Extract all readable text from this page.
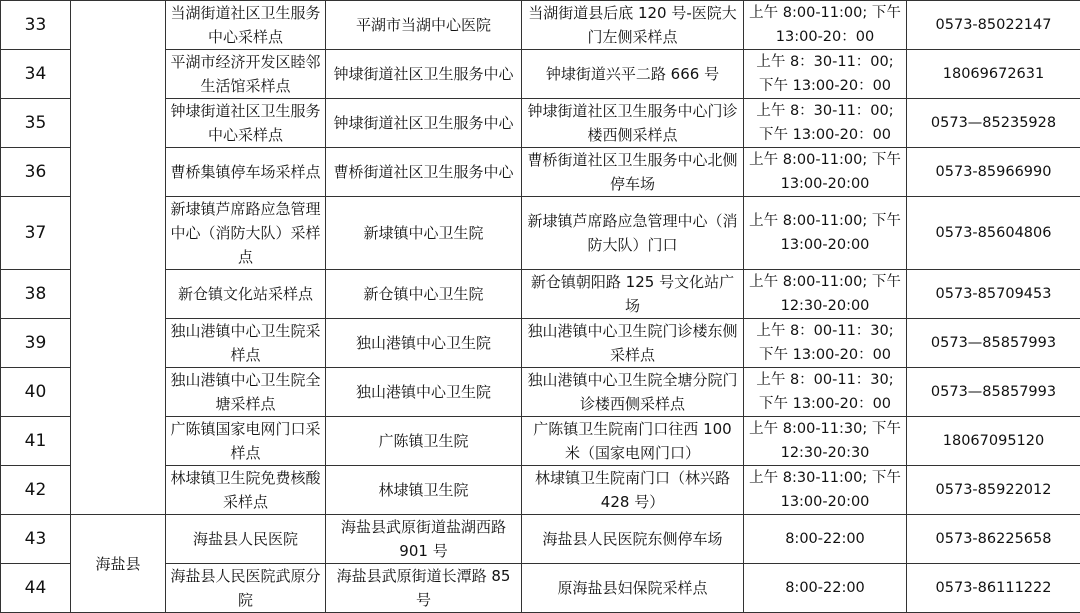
33		当湖街道社区卫生服务中心采样点	平湖市当湖中心医院	当湖街道县后底 120 号-医院大门左侧采样点	上午 8:00-11:00; 下午 13:00-20：00	0573-85022147
34		平湖市经济开发区睦邻生活馆采样点	钟埭街道社区卫生服务中心	钟埭街道兴平二路 666 号	上午 8：30-11：00; 下午 13:00-20：00	18069672631
35		钟埭街道社区卫生服务中心采样点	钟埭街道社区卫生服务中心	钟埭街道社区卫生服务中心门诊楼西侧采样点	上午 8：30-11：00; 下午 13:00-20：00	0573—85235928
36		曹桥集镇停车场采样点	曹桥街道社区卫生服务中心	曹桥街道社区卫生服务中心北侧停车场	上午 8:00-11:00; 下午 13:00-20:00	0573-85966990
37		新埭镇芦席路应急管理中心（消防大队）采样点	新埭镇中心卫生院	新埭镇芦席路应急管理中心（消防大队）门口	上午 8:00-11:00; 下午 13:00-20:00	0573-85604806
38		新仓镇文化站采样点	新仓镇中心卫生院	新仓镇朝阳路 125 号文化站广场	上午 8:00-11:00; 下午 12:30-20:00	0573-85709453
39		独山港镇中心卫生院采样点	独山港镇中心卫生院	独山港镇中心卫生院门诊楼东侧采样点	上午 8：00-11：30; 下午 13:00-20：00	0573—85857993
40		独山港镇中心卫生院全塘采样点	独山港镇中心卫生院	独山港镇中心卫生院全塘分院门诊楼西侧采样点	上午 8：00-11：30; 下午 13:00-20：00	0573—85857993
41		广陈镇国家电网门口采样点	广陈镇卫生院	广陈镇卫生院南门口往西 100 米（国家电网门口）	上午 8:00-11:30; 下午 12:30-20:30	18067095120
42		林埭镇卫生院免费核酸采样点	林埭镇卫生院	林埭镇卫生院南门口（林兴路 428 号）	上午 8:30-11:00; 下午 13:00-20:00	0573-85922012
43	海盐县	海盐县人民医院	海盐县武原街道盐湖西路 901 号	海盐县人民医院东侧停车场	8:00-22:00	0573-86225658
44		海盐县人民医院武原分院	海盐县武原街道长潭路 85 号	原海盐县妇保院采样点	8:00-22:00	0573-86111222
